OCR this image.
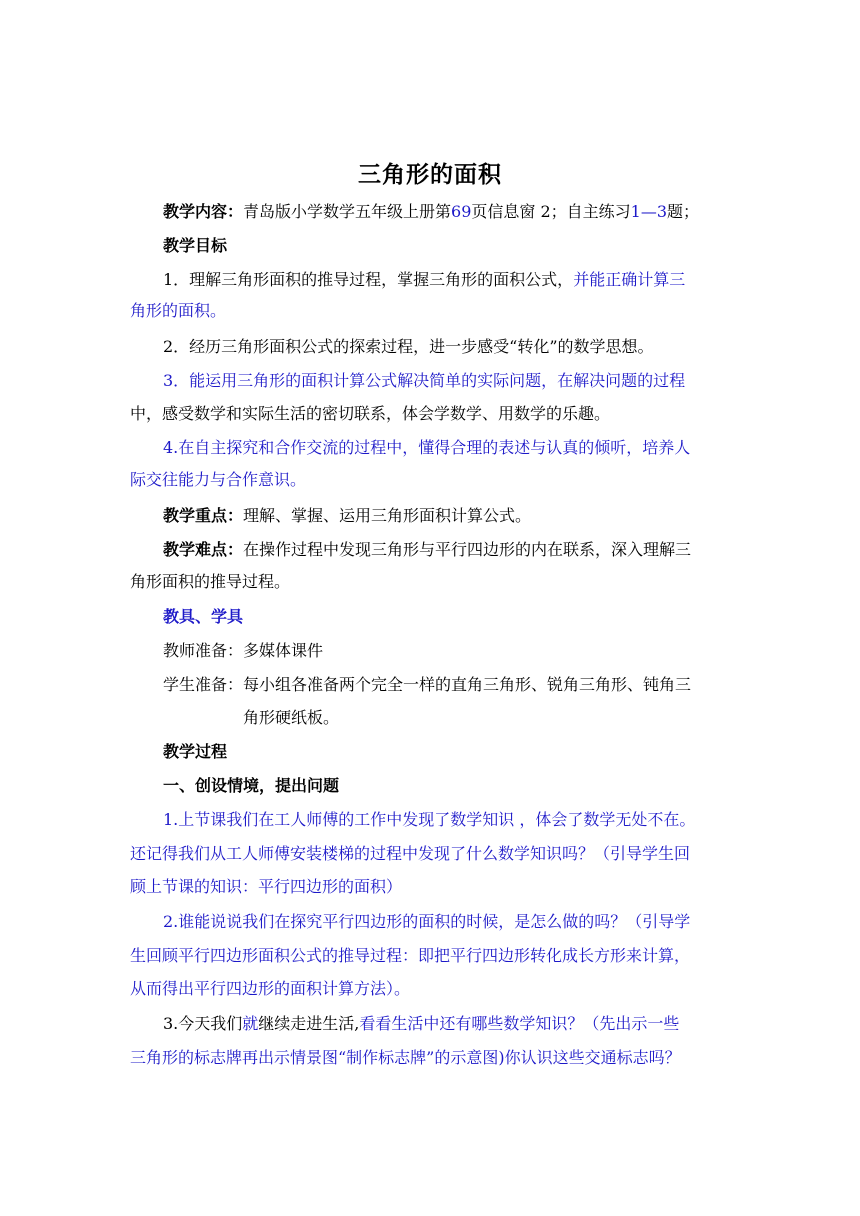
三角形的面积
教学内容：青岛版小学数学五年级上册第69页信息窗 2；自主练习1—3题；
教学目标
1．理解三角形面积的推导过程，掌握三角形的面积公式，并能正确计算三
角形的面积。
2．经历三角形面积公式的探索过程，进一步感受“转化”的数学思想。
3．能运用三角形的面积计算公式解决简单的实际问题，在解决问题的过程
中，感受数学和实际生活的密切联系，体会学数学、用数学的乐趣。
4.在自主探究和合作交流的过程中，懂得合理的表述与认真的倾听，培养人
际交往能力与合作意识。
教学重点：理解、掌握、运用三角形面积计算公式。
教学难点：在操作过程中发现三角形与平行四边形的内在联系，深入理解三
角形面积的推导过程。
教具、学具
教师准备：多媒体课件
学生准备：每小组各准备两个完全一样的直角三角形、锐角三角形、钝角三
角形硬纸板。
教学过程
一、创设情境，提出问题
1.上节课我们在工人师傅的工作中发现了数学知识 ，体会了数学无处不在。
还记得我们从工人师傅安装楼梯的过程中发现了什么数学知识吗？（引导学生回
顾上节课的知识：平行四边形的面积）
2.谁能说说我们在探究平行四边形的面积的时候，是怎么做的吗？（引导学
生回顾平行四边形面积公式的推导过程：即把平行四边形转化成长方形来计算，
从而得出平行四边形的面积计算方法）。
3.今天我们就继续走进生活,看看生活中还有哪些数学知识？（先出示一些
三角形的标志牌再出示情景图“制作标志牌”的示意图)你认识这些交通标志吗？
